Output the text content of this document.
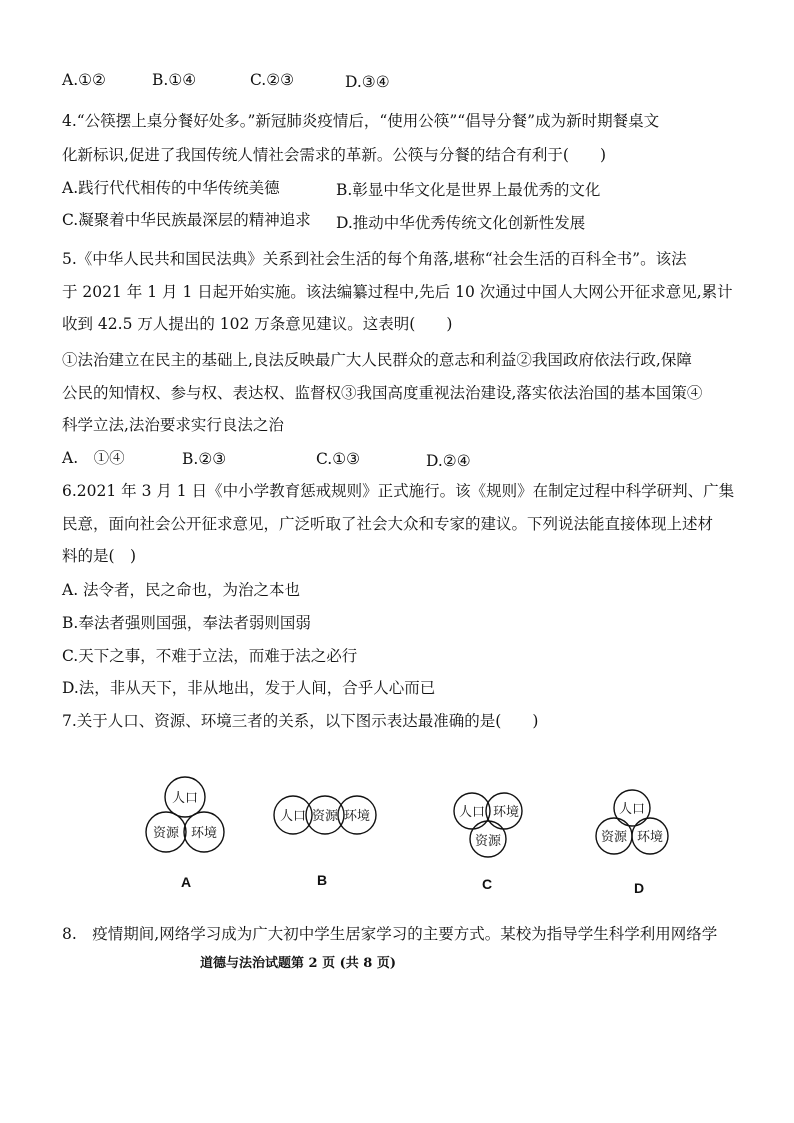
A.①②	B.①④	C.②③	D.③④
4.“公筷摆上桌分餐好处多。”新冠肺炎疫情后，“使用公筷”“倡导分餐”成为新时期餐桌文
化新标识,促进了我国传统人情社会需求的革新。公筷与分餐的结合有利于(　　)
A.践行代代相传的中华传统美德	B.彰显中华文化是世界上最优秀的文化
C.凝聚着中华民族最深层的精神追求 D.推动中华优秀传统文化创新性发展
5.《中华人民共和国民法典》关系到社会生活的每个角落,堪称“社会生活的百科全书”。该法
于 2021 年 1 月 1 日起开始实施。该法编纂过程中,先后 10 次通过中国人大网公开征求意见,累计
收到 42.5 万人提出的 102 万条意见建议。这表明(　　)
①法治建立在民主的基础上,良法反映最广大人民群众的意志和利益②我国政府依法行政,保障
公民的知情权、参与权、表达权、监督权③我国高度重视法治建设,落实依法治国的基本国策④
科学立法,法治要求实行良法之治
A.　①④	B.②③	C.①③	D.②④
6.2021 年 3 月 1 日《中小学教育惩戒规则》正式施行。该《规则》在制定过程中科学研判、广集
民意，面向社会公开征求意见，广泛听取了社会大众和专家的建议。下列说法能直接体现上述材
料的是(　)
A. 法令者，民之命也，为治之本也
B.奉法者强则国强，奉法者弱则国弱
C.天下之事，不难于立法，而难于法之必行
D.法，非从天下，非从地出，发于人间，合乎人心而已
7.关于人口、资源、环境三者的关系，以下图示表达最准确的是(　　)
人口
资源 环境
A
人口 资源 环境
B
人口 环境
资源
C
人口
资源 环境
D
8.　疫情期间,网络学习成为广大初中学生居家学习的主要方式。某校为指导学生科学利用网络学
道德与法治试题第 2 页 (共 8 页)
